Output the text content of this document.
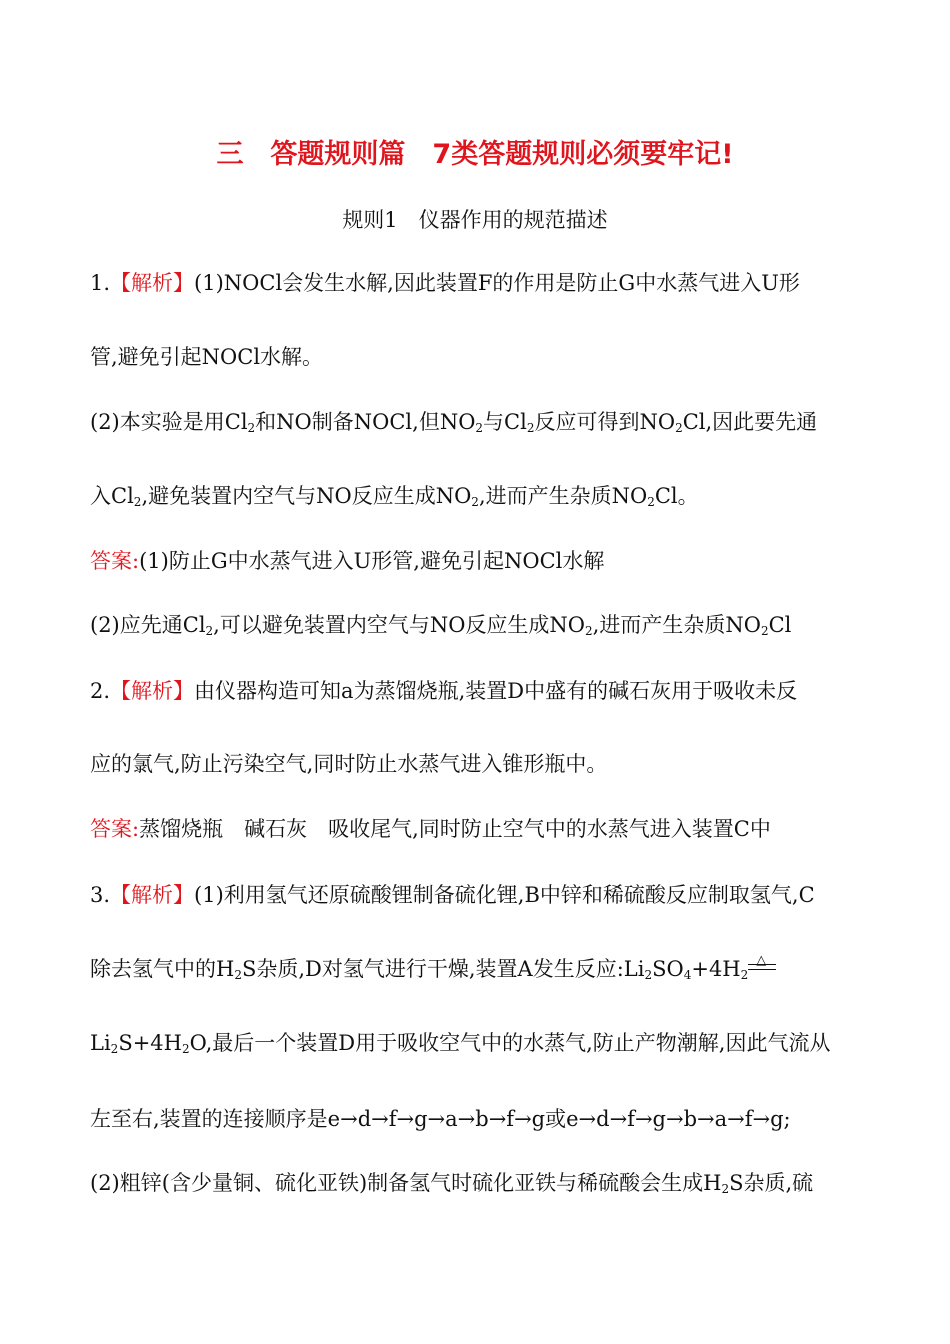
三　答题规则篇　7类答题规则必须要牢记!
规则1　仪器作用的规范描述
1.【解析】(1)NOCl会发生水解,因此装置F的作用是防止G中水蒸气进入U形
管,避免引起NOCl水解。
(2)本实验是用$Cl_2$和NO制备NOCl,但$NO_2$与$Cl_2$反应可得到$NO_2Cl$,因此要先通
入$Cl_2$,避免装置内空气与NO反应生成$NO_2$,进而产生杂质$NO_2Cl$。
答案:(1)防止G中水蒸气进入U形管,避免引起NOCl水解
(2)应先通$Cl_2$,可以避免装置内空气与NO反应生成$NO_2$,进而产生杂质$NO_2Cl$
2.【解析】由仪器构造可知a为蒸馏烧瓶,装置D中盛有的碱石灰用于吸收未反
应的氯气,防止污染空气,同时防止水蒸气进入锥形瓶中。
答案:蒸馏烧瓶　碱石灰　吸收尾气,同时防止空气中的水蒸气进入装置C中
3.【解析】(1)利用氢气还原硫酸锂制备硫化锂,B中锌和稀硫酸反应制取氢气,C
除去氢气中的$H_2S$杂质,D对氢气进行干燥,装置A发生反应$:Li_2SO_4+4H_2$
△
$Li_2S+4H_2O$,最后一个装置D用于吸收空气中的水蒸气,防止产物潮解,因此气流从
左至右,装置的连接顺序是e→d→f→g→a→b→f→g或e→d→f→g→b→a→f→g;
(2)粗锌(含少量铜、硫化亚铁)制备氢气时硫化亚铁与稀硫酸会生成$H_2S$杂质,硫
